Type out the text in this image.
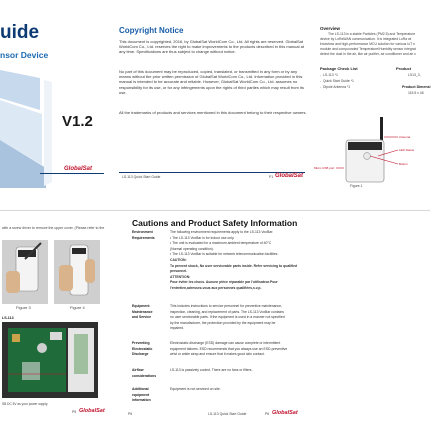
uide
nsor Device
V1.2
GlobalSat
Copyright Notice
This document is copyrighted, 2016, by GlobalSat WorldCom Co., Ltd. All rights are reserved. GlobalSat WorldCom Co., Ltd. reserves the right to make improvements to the products described in this manual at any time. Specifications are thus subject to change without notice.
No part of this document may be reproduced, copied, translated, or transmitted in any form or by any means without the prior written permission of GlobalSat WorldCom Co., Ltd. Information provided in this manual is intended to be accurate and reliable. However, GlobalSat WorldCom Co., Ltd. assumes no responsibility for its use, or for any infringements upon the rights of third parties which may result from its use.
All the trademarks of products and services mentioned in this document belong to their respective owners.
LS-113 Quick Start Guide	P1 GlobalSat
Overview
The LS-113 is a stable Particles (PM2.5) and Temperature
device by LoRaWAN communication. It is integrated LoRa wi
knowhow and high-performance MCU solution for various IoT n
module and compounded Temperature/Humidity sensor integrat
detect the dust in the air, like air purifier, air conditioner and air c
Package Check List
-  LS-113 *1
-  Quick Start Guide *1
-  Dipole Antenna *1
Product
LS13_3,
Product Dimensi
115.5 x 46
Antenna
LED Status
Button
Micro USB port
Figure 1
with a screw driver to remove the upper cover. (Please refer to the
Figure 3	Figure 4
LS-113
SB DC 5V as your power supply.
P5 GlobalSat
Cautions and Product Safety Information
Environment Requirements
The following environment requirements apply to the LS-113 VoxBar:
• The LS-113 VoxBar is for indoor use only.
• The unit is evaluated for a maximum ambient temperature of 40°C
(Normal operating condition).
• The LS-113 VoxBar is suitable for network telecommunication facilities.
CAUTION:
To prevent shock, No user serviceable parts inside. Refer servicing to qualified
personnel.
ATTENTION:
Pour éviter les chocs. Aucune pièce réparable par l'utilisateur.Pour
l'entretien,adressez-vous aux personnes qualifiées,s.v.p.
Equipment Maintenance and Service
This includes instructions to service personnel for preventive maintenance,
inspection, cleaning, and replacement of parts. The LS-113 VoxBar contains
no user serviceable parts. If the equipment is used in a manner not specified
by the manufacturer, the protection provided by the equipment may be
impaired.
Preventing Electrostatic Discharge
Electrostatic discharge (ESD) damage can cause complete or intermittent
equipment failures. ESD recommends that you always use an ESD-preventive
wrist or ankle strap and ensure that it makes good skin contact.
Airflow considerations
LS-113 is passively cooled. There are no fans or filters.
Additional equipment information
Equipment is not serviced on site.
P6	LS-113 Quick Start Guide	P6 GlobalSat
